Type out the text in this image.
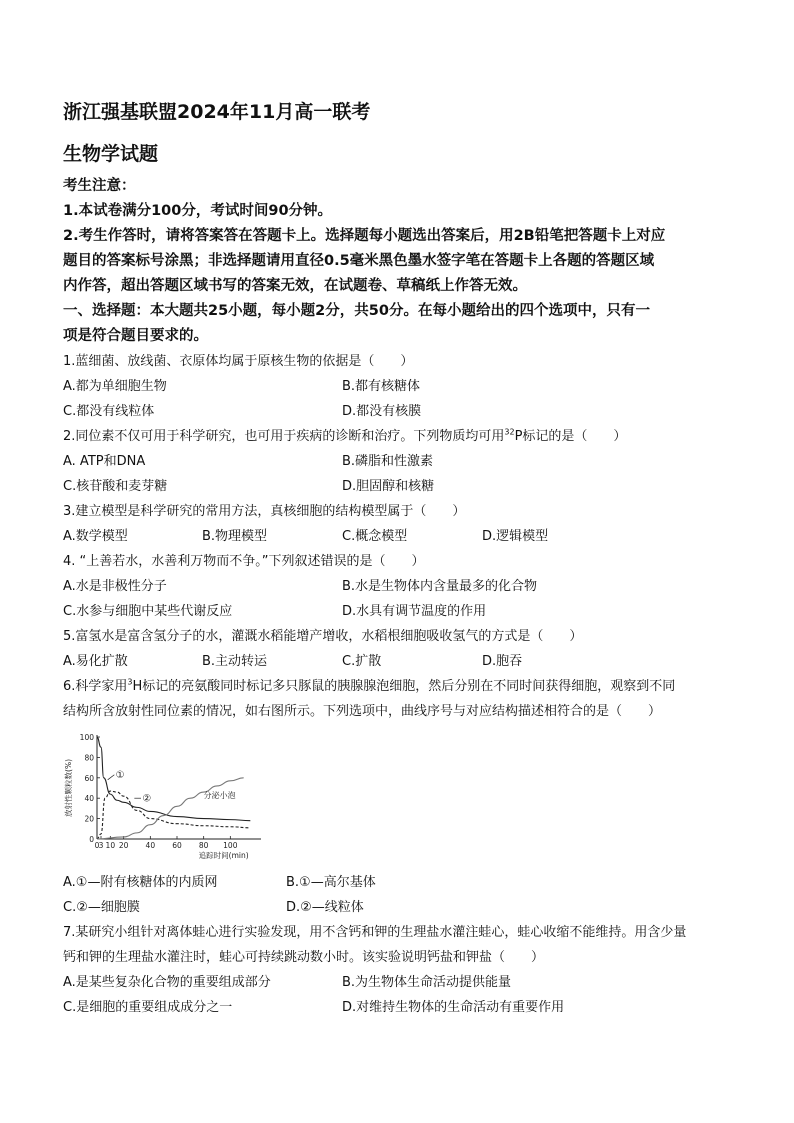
浙江强基联盟2024年11月高一联考
生物学试题
考生注意：
1.本试卷满分100分，考试时间90分钟。
2.考生作答时，请将答案答在答题卡上。选择题每小题选出答案后，用2B铅笔把答题卡上对应
题目的答案标号涂黑；非选择题请用直径0.5毫米黑色墨水签字笔在答题卡上各题的答题区域
内作答，超出答题区域书写的答案无效，在试题卷、草稿纸上作答无效。
一、选择题：本大题共25小题，每小题2分，共50分。在每小题给出的四个选项中，只有一
项是符合题目要求的。
1.蓝细菌、放线菌、衣原体均属于原核生物的依据是（　　）
A.都为单细胞生物	B.都有核糖体
C.都没有线粒体	D.都没有核膜
2.同位素不仅可用于科学研究，也可用于疾病的诊断和治疗。下列物质均可用$^{32}$P标记的是（　　）
A. ATP和DNA	B.磷脂和性激素
C.核苷酸和麦芽糖	D.胆固醇和核糖
3.建立模型是科学研究的常用方法，真核细胞的结构模型属于（　　）
A.数学模型	B.物理模型	C.概念模型	D.逻辑模型
4. “上善若水，水善利万物而不争。”下列叙述错误的是（　　）
A.水是非极性分子	B.水是生物体内含量最多的化合物
C.水参与细胞中某些代谢反应	D.水具有调节温度的作用
5.富氢水是富含氢分子的水，灌溉水稻能增产增收，水稻根细胞吸收氢气的方式是（　　）
A.易化扩散	B.主动转运	C.扩散	D.胞吞
6.科学家用$^3$H标记的亮氨酸同时标记多只豚鼠的胰腺腺泡细胞，然后分别在不同时间获得细胞，观察到不同
结构所含放射性同位素的情况，如右图所示。下列选项中，曲线序号与对应结构描述相符合的是（　　）
0
20
40
60
80
100
0 3 10 20 40 60 80 100
追踪时间(min)
放射性颗粒数(%)	①
②	分泌小泡
A.①—附有核糖体的内质网	B.①—高尔基体
C.②—细胞膜	D.②—线粒体
7.某研究小组针对离体蛙心进行实验发现，用不含钙和钾的生理盐水灌注蛙心，蛙心收缩不能维持。用含少量
钙和钾的生理盐水灌注时，蛙心可持续跳动数小时。该实验说明钙盐和钾盐（　　）
A.是某些复杂化合物的重要组成部分	B.为生物体生命活动提供能量
C.是细胞的重要组成成分之一	D.对维持生物体的生命活动有重要作用
